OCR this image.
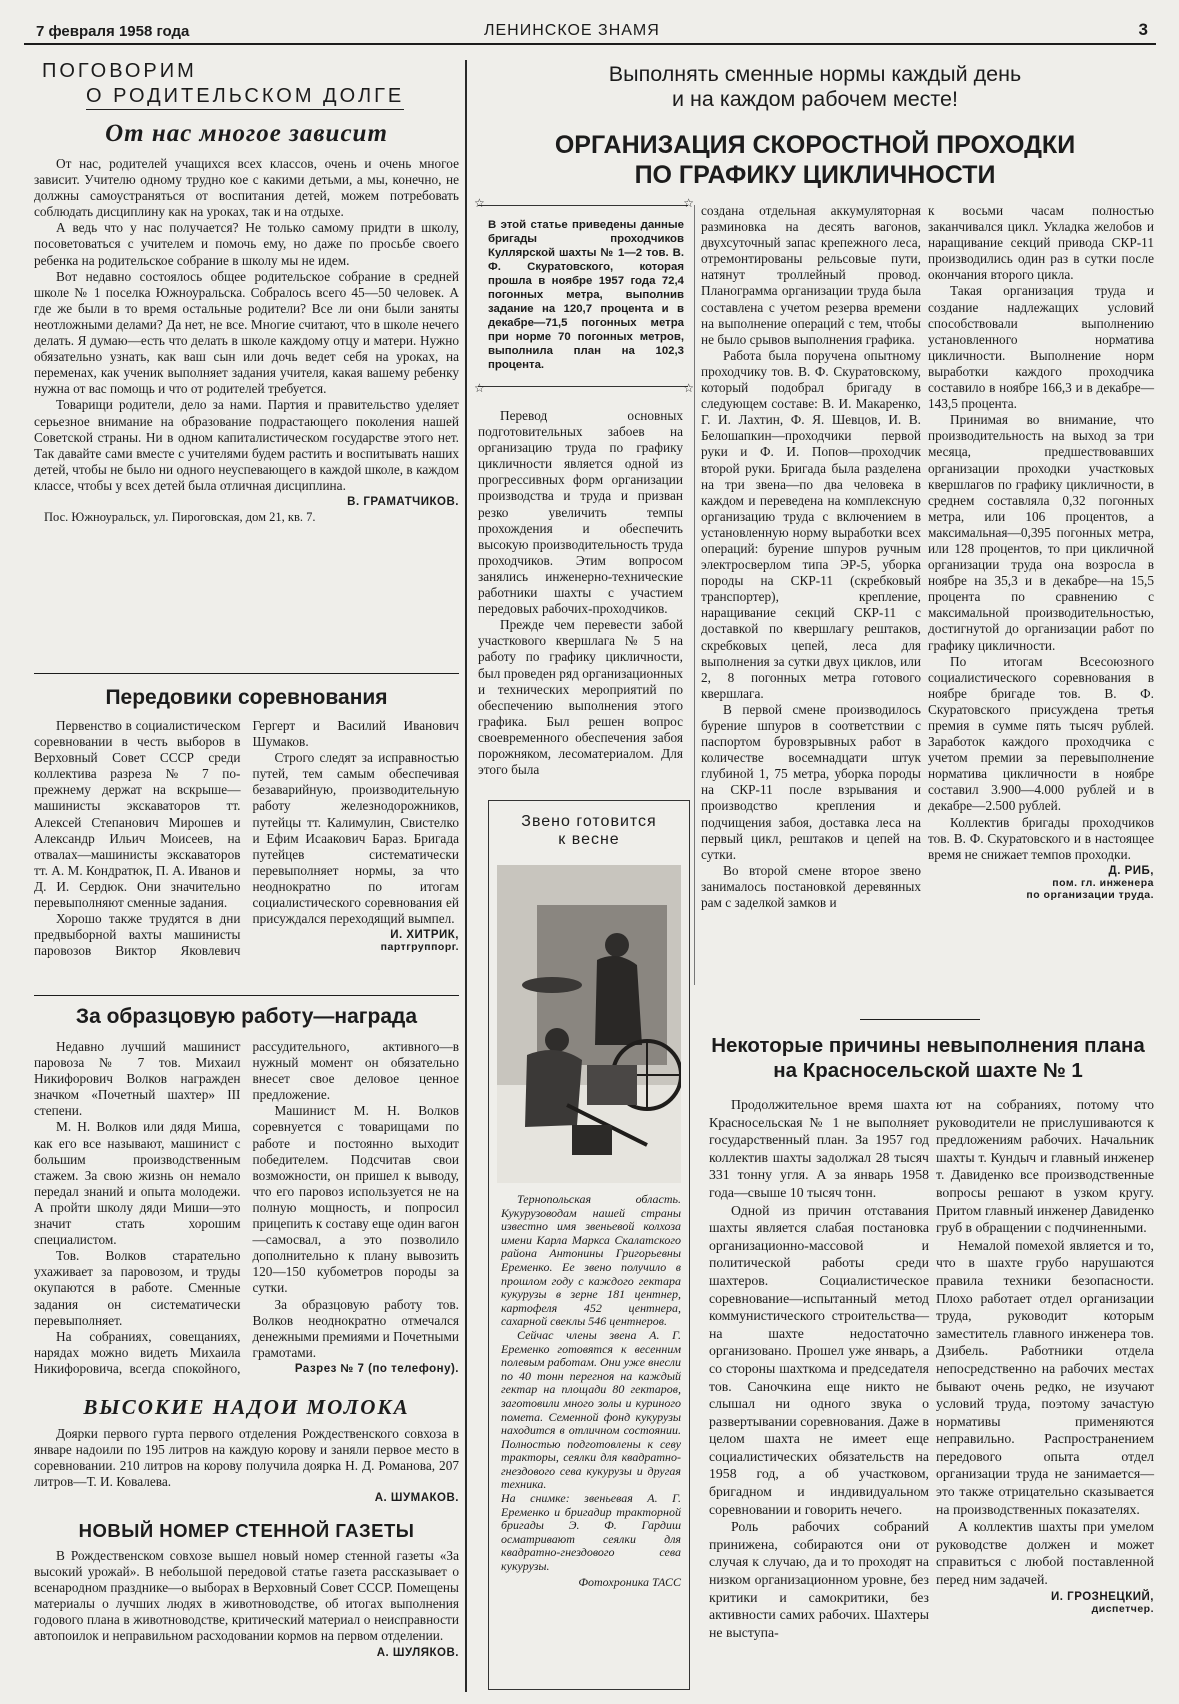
7 февраля 1958 года	ЛЕНИНСКОЕ ЗНАМЯ	3
ПОГОВОРИМ
О РОДИТЕЛЬСКОМ ДОЛГЕ
От нас многое зависит

От нас, родителей учащихся всех классов, очень и очень многое зависит. Учителю одному трудно кое с какими детьми, а мы, конечно, не должны самоустраняться от воспитания детей, можем потребовать соблюдать дисциплину как на уроках, так и на отдыхе.

А ведь что у нас получается? Не только самому придти в школу, посоветоваться с учителем и помочь ему, но даже по просьбе своего ребенка на родительское собрание в школу мы не идем.

Вот недавно состоялось общее родительское собрание в средней школе № 1 поселка Южноуральска. Собралось всего 45—50 человек. А где же были в то время остальные родители? Все ли они были заняты неотложными делами? Да нет, не все. Многие считают, что в школе нечего делать. Я думаю—есть что делать в школе каждому отцу и матери. Нужно обязательно узнать, как ваш сын или дочь ведет себя на уроках, на переменах, как ученик выполняет задания учителя, какая вашему ребенку нужна от вас помощь и что от родителей требуется.

Товарищи родители, дело за нами. Партия и правительство уделяет серьезное внимание на образование подрастающего поколения нашей Советской страны. Ни в одном капиталистическом государстве этого нет. Так давайте сами вместе с учителями будем растить и воспитывать наших детей, чтобы не было ни одного неуспевающего в каждой школе, в каждом классе, чтобы у всех детей была отличная дисциплина.

В. ГРАМАТЧИКОВ.
Пос. Южноуральск, ул. Пироговская, дом 21, кв. 7.
Передовики соревнования

Первенство в социалистическом соревновании в честь выборов в Верховный Совет СССР среди коллектива разреза № 7 по-прежнему держат на вскрыше—машинисты экскаваторов тт. Алексей Степанович Мирошев и Александр Ильич Моисеев, на отвалах—машинисты экскаваторов тт. А. М. Кондратюк, П. А. Иванов и Д. И. Сердюк. Они значительно перевыполняют сменные задания.

Хорошо также трудятся в дни предвыборной вахты машинисты паровозов Виктор Яковлевич Гергерт и Василий Иванович Шумаков.

Строго следят за исправностью путей, тем самым обеспечивая безаварийную, производительную работу железнодорожников, путейцы тт. Калимулин, Свистелко и Ефим Исаакович Бараз. Бригада путейцев систематически перевыполняет нормы, за что неоднократно по итогам социалистического соревнования ей присуждался переходящий вымпел.

И. ХИТРИК,
партгруппорг.
За образцовую работу—награда

Недавно лучший машинист паровоза № 7 тов. Михаил Никифорович Волков награжден значком «Почетный шахтер» III степени.

М. Н. Волков или дядя Миша, как его все называют, машинист с большим производственным стажем. За свою жизнь он немало передал знаний и опыта молодежи. А пройти школу дяди Миши—это значит стать хорошим специалистом.

Тов. Волков старательно ухаживает за паровозом, и труды окупаются в работе. Сменные задания он систематически перевыполняет.

На собраниях, совещаниях, нарядах можно видеть Михаила Никифоровича, всегда спокойного, рассудительного, активного—в нужный момент он обязательно внесет свое деловое ценное предложение.

Машинист М. Н. Волков соревнуется с товарищами по работе и постоянно выходит победителем. Подсчитав свои возможности, он пришел к выводу, что его паровоз используется не на полную мощность, и попросил прицепить к составу еще один вагон—самосвал, а это позволило дополнительно к плану вывозить 120—150 кубометров породы за сутки.

За образцовую работу тов. Волков неоднократно отмечался денежными премиями и Почетными грамотами.

Разрез № 7 (по телефону).
ВЫСОКИЕ НАДОИ МОЛОКА

Доярки первого гурта первого отделения Рождественского совхоза в январе надоили по 195 литров на каждую корову и заняли первое место в соревновании. 210 литров на корову получила доярка Н. Д. Романова, 207 литров—Т. И. Ковалева.

А. ШУМАКОВ.
НОВЫЙ НОМЕР СТЕННОЙ ГАЗЕТЫ

В Рождественском совхозе вышел новый номер стенной газеты «За высокий урожай». В небольшой передовой статье газета рассказывает о всенародном празднике—о выборах в Верховный Совет СССР. Помещены материалы о лучших людях в животноводстве, об итогах выполнения годового плана в животноводстве, критический материал о неисправности автопоилок и неправильном расходовании кормов на первом отделении.

А. ШУЛЯКОВ.
Выполнять сменные нормы каждый день
и на каждом рабочем месте!
ОРГАНИЗАЦИЯ СКОРОСТНОЙ ПРОХОДКИ
ПО ГРАФИКУ ЦИКЛИЧНОСТИ
☆	☆
☆	☆

В этой статье приведены данные бригады проходчиков Куллярской шахты № 1—2 тов. В. Ф. Скуратовского, которая прошла в ноябре 1957 года 72,4 погонных метра, выполнив задание на 120,7 процента и в декабре—71,5 погонных метра при норме 70 погонных метров, выполнила план на 102,3 процента.

Перевод основных подготовительных забоев на организацию труда по графику цикличности является одной из прогрессивных форм организации производства и труда и призван резко увеличить темпы прохождения и обеспечить высокую производительность труда проходчиков. Этим вопросом занялись инженерно-технические работники шахты с участием передовых рабочих-проходчиков.

Прежде чем перевести забой участкового квершлага № 5 на работу по графику цикличности, был проведен ряд организационных и технических мероприятий по обеспечению выполнения этого графика. Был решен вопрос своевременного обеспечения забоя порожняком, лесоматериалом. Для этого была

создана отдельная аккумуляторная разминовка на десять вагонов, двухсуточный запас крепежного леса, отремонтированы рельсовые пути, натянут троллейный провод. Планограмма организации труда была составлена с учетом резерва времени на выполнение операций с тем, чтобы не было срывов выполнения графика.

Работа была поручена опытному проходчику тов. В. Ф. Скуратовскому, который подобрал бригаду в следующем составе: В. И. Макаренко, Г. И. Лахтин, Ф. Я. Шевцов, И. В. Белошапкин—проходчики первой руки и Ф. И. Попов—проходчик второй руки. Бригада была разделена на три звена—по два человека в каждом и переведена на комплексную организацию труда с включением в установленную норму выработки всех операций: бурение шпуров ручным электросверлом типа ЭР-5, уборка породы на СКР-11 (скребковый транспортер), крепление, наращивание секций СКР-11 с доставкой по квершлагу рештаков, скребковых цепей, леса для выполнения за сутки двух циклов, или 2, 8 погонных метра готового квершлага.

В первой смене производилось бурение шпуров в соответствии с паспортом буровзрывных работ в количестве восемнадцати штук глубиной 1, 75 метра, уборка породы на СКР-11 после взрывания и производство крепления и подчищения забоя, доставка леса на первый цикл, рештаков и цепей на сутки.

Во второй смене второе звено занималось постановкой деревянных рам с заделкой замков и

к восьми часам полностью заканчивался цикл. Укладка желобов и наращивание секций привода СКР-11 производились один раз в сутки после окончания второго цикла.

Такая организация труда и создание надлежащих условий способствовали выполнению установленного норматива цикличности. Выполнение норм выработки каждого проходчика составило в ноябре 166,3 и в декабре—143,5 процента.

Принимая во внимание, что производительность на выход за три месяца, предшествовавших организации проходки участковых квершлагов по графику цикличности, в среднем составляла 0,32 погонных метра, или 106 процентов, а максимальная—0,395 погонных метра, или 128 процентов, то при цикличной организации труда она возросла в ноябре на 35,3 и в декабре—на 15,5 процента по сравнению с максимальной производительностью, достигнутой до организации работ по графику цикличности.

По итогам Всесоюзного социалистического соревнования в ноябре бригаде тов. В. Ф. Скуратовского присуждена третья премия в сумме пять тысяч рублей. Заработок каждого проходчика с учетом премии за перевыполнение норматива цикличности в ноябре составил 3.900—4.000 рублей и в декабре—2.500 рублей.

Коллектив бригады проходчиков тов. В. Ф. Скуратовского и в настоящее время не снижает темпов проходки.

Д. РИБ,
пом. гл. инженера
по организации труда.
Звено готовится
к весне

Тернопольская область. Кукурузоводам нашей страны известно имя звеньевой колхоза имени Карла Маркса Скалатского района Антонины Григорьевны Еременко. Ее звено получило в прошлом году с каждого гектара кукурузы в зерне 181 центнер, картофеля 452 центнера, сахарной свеклы 546 центнеров.

Сейчас члены звена А. Г. Еременко готовятся к весенним полевым работам. Они уже внесли по 40 тонн перегноя на каждый гектар на площади 80 гектаров, заготовили много золы и куриного помета. Семенной фонд кукурузы находится в отличном состоянии. Полностью подготовлены к севу тракторы, сеялки для квадратно-гнездового сева кукурузы и другая техника.

На снимке: звеньевая А. Г. Еременко и бригадир тракторной бригады Э. Ф. Гардиш осматривают сеялки для квадратно-гнездового сева кукурузы.

Фотохроника ТАСС

Некоторые причины невыполнения плана
на Красносельской шахте № 1

Продолжительное время шахта Красносельская № 1 не выполняет государственный план. За 1957 год коллектив шахты задолжал 28 тысяч 331 тонну угля. А за январь 1958 года—свыше 10 тысяч тонн.

Одной из причин отставания шахты является слабая постановка организационно-массовой и политической работы среди шахтеров. Социалистическое соревнование—испытанный метод коммунистического строительства—на шахте недостаточно организовано. Прошел уже январь, а со стороны шахткома и председателя тов. Саночкина еще никто не слышал ни одного звука о развертывании соревнования. Даже в целом шахта не имеет еще социалистических обязательств на 1958 год, а об участковом, бригадном и индивидуальном соревновании и говорить нечего.

Роль рабочих собраний принижена, собираются они от случая к случаю, да и то проходят на низком организационном уровне, без критики и самокритики, без активности самих рабочих. Шахтеры не выступа-

ют на собраниях, потому что руководители не прислушиваются к предложениям рабочих. Начальник шахты т. Кундыч и главный инженер т. Давиденко все производственные вопросы решают в узком кругу. Притом главный инженер Давиденко груб в обращении с подчиненными.

Немалой помехой является и то, что в шахте грубо нарушаются правила техники безопасности. Плохо работает отдел организации труда, руководит которым заместитель главного инженера тов. Дзибель. Работники отдела непосредственно на рабочих местах бывают очень редко, не изучают условий труда, поэтому зачастую нормативы применяются неправильно. Распространением передового опыта отдел организации труда не занимается—это также отрицательно сказывается на производственных показателях.

А коллектив шахты при умелом руководстве должен и может справиться с любой поставленной перед ним задачей.

И. ГРОЗНЕЦКИЙ,
диспетчер.
